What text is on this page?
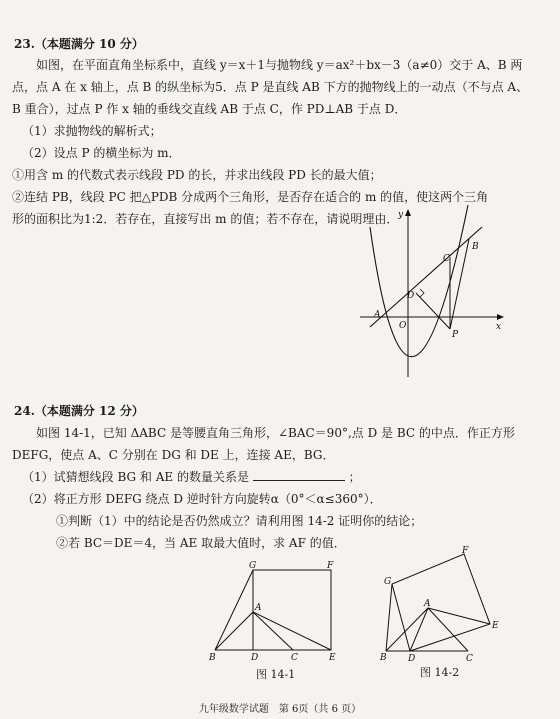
23.（本题满分 10 分）
如图，在平面直角坐标系中，直线 y＝x＋1与抛物线 y＝ax²＋bx－3（a≠0）交于 A、B 两
点，点 A 在 x 轴上，点 B 的纵坐标为5．点 P 是直线 AB 下方的抛物线上的一动点（不与点 A、
B 重合），过点 P 作 x 轴的垂线交直线 AB 于点 C，作 PD⊥AB 于点 D．
（1）求抛物线的解析式；
（2）设点 P 的横坐标为 m．
①用含 m 的代数式表示线段 PD 的长，并求出线段 PD 长的最大值；
②连结 PB，线段 PC 把△PDB 分成两个三角形，是否存在适合的 m 的值，使这两个三角
形的面积比为1:2．若存在，直接写出 m 的值；若不存在，请说明理由． y
x
O
A
B
C
D
P
24.（本题满分 12 分）
如图 14-1，已知 ΔABC 是等腰直角三角形，∠BAC＝90°,点 D 是 BC 的中点．作正方形
DEFG，使点 A、C 分别在 DG 和 DE 上，连接 AE，BG．
（1）试猜想线段 BG 和 AE 的数量关系是	；
（2）将正方形 DEFG 绕点 D 逆时针方向旋转α（0°＜α≤360°）．
①判断（1）中的结论是否仍然成立？请利用图 14-2 证明你的结论；
②若 BC＝DE＝4，当 AE 取最大值时，求 AF 的值．
G	F
A
B	D	C	E
图 14-1
G
F
A
B D	C
E
图 14-2
九年级数学试题　第 6页（共 6 页）
